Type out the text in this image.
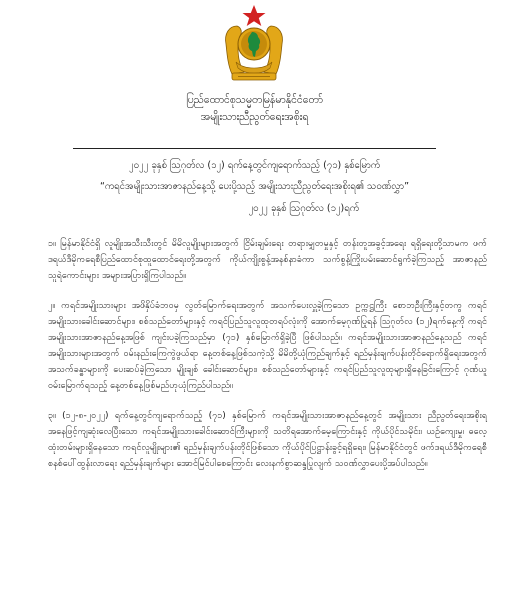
ပြည်ထောင်စုသမ္မတမြန်မာနိုင်ငံတော်
အမျိုးသားညီညွတ်ရေးအစိုးရ
၂၀၂၂ ခုနှစ် ဩဂုတ်လ (၁၂) ရက်နေ့တွင်ကျရောက်သည့် (၇၁) နှစ်မြောက်
“ကရင်အမျိုးသားအာဇာနည်နေ့သို့ ပေးပို့သည့် အမျိုးသားညီညွတ်ရေးအစိုးရ၏ သဝဏ်လွှာ”
၂၀၂၂ ခုနှစ် ဩဂုတ်လ (၁၂)ရက်

၁။ မြန်မာနိုင်ငံရှိ လူမျိုးအသီးသီးတွင် မိမိလူမျိုးများအတွက် ငြိမ်းချမ်းရေး တရားမျှတမှုနှင့် တန်းတူအခွင့်အရေး ရရှိရေးတို့သာမက ဖက်ဒရယ်ဒီမိုကရေစီပြည်ထောင်စုထူထောင်ရေးတို့အတွက် ကိုယ်ကျိုးစွန့်အနစ်နာခံကာ သက်စွန့်ကြိုးပမ်းဆောင်ရွက်ခဲ့ကြသည့် အာဇာနည်သူရဲကောင်းများ အများအပြားရှိကြပါသည်။

၂။ ကရင်အမျိုးသားများ အဖိနှိပ်ခံဘဝမှ လွတ်မြောက်ရေးအတွက် အသက်ပေးလှူခဲ့ကြသော ဥက္ကဋ္ဌကြီး စောဘဦးကြီးနှင့်တကွ ကရင်အမျိုးသားခေါင်းဆောင်များ၊ စစ်သည်တော်များနှင့် ကရင်ပြည်သူလူထုတရပ်လုံးကို အောက်မေ့ဂုဏ်ပြုရန် ဩဂုတ်လ (၁၂)ရက်နေ့ကို ကရင်အမျိုးသားအာဇာနည်နေ့အဖြစ် ကျင်းပခဲ့ကြသည်မှာ (၇၁) နှစ်မြောက်ရှိခဲ့ပြီ ဖြစ်ပါသည်။ ကရင်အမျိုးသားအာဇာနည်နေ့သည် ကရင်အမျိုးသားများအတွက် ဝမ်းနည်းကြေကွဲဖွယ်ရာ နေ့တစ်နေ့ဖြစ်သကဲ့သို့ မိမိတို့ယုံကြည်ချက်နှင့် ရည်မှန်းချက်ပန်းတိုင်ရောက်ရှိရေးအတွက် အသက်ခန္ဓာများကို ပေးဆပ်ခဲ့ကြသော မျိုးချစ် ခေါင်းဆောင်များ၊ စစ်သည်တော်များနှင့် ကရင်ပြည်သူလူထုများရှိနေခြင်းကြောင့် ဂုဏ်ယူဝမ်းမြောက်ရသည့် နေ့တစ်နေ့ဖြစ်မည်ဟုယုံကြည်ပါသည်။

၃။ (၁၂-၈-၂၀၂၂) ရက်နေ့တွင်ကျရောက်သည့် (၇၁) နှစ်မြောက် ကရင်အမျိုးသားအာဇာနည်နေ့တွင် အမျိုးသား ညီညွတ်ရေးအစိုးရအနေဖြင့်ကျဆုံးလေပြီးသော ကရင်အမျိုးသားခေါင်းဆောင်ကြီးများကို သတိရအောက်မေ့ကြောင်းနှင့် ကိုယ်ပိုင်သမိုင်း၊ ယဉ်ကျေးမှု၊ ဓလေ့ထုံးတမ်းများရှိနေသော ကရင်လူမျိုးများ၏ ရည်မှန်းချက်ပန်းတိုင်ဖြစ်သော ကိုယ်ပိုင်ပြဋ္ဌာန်းခွင့်ရရှိရေး၊ မြန်မာနိုင်ငံတွင် ဖက်ဒရယ်ဒီမိုကရေစီစနစ်ပေါ်ထွန်းလာရေး ရည်မှန်းချက်များ အောင်မြင်ပါစေကြောင်း လေးနက်စွာဆန္ဒပြုလျက် သဝဏ်လွှာပေးပို့အပ်ပါသည်။
